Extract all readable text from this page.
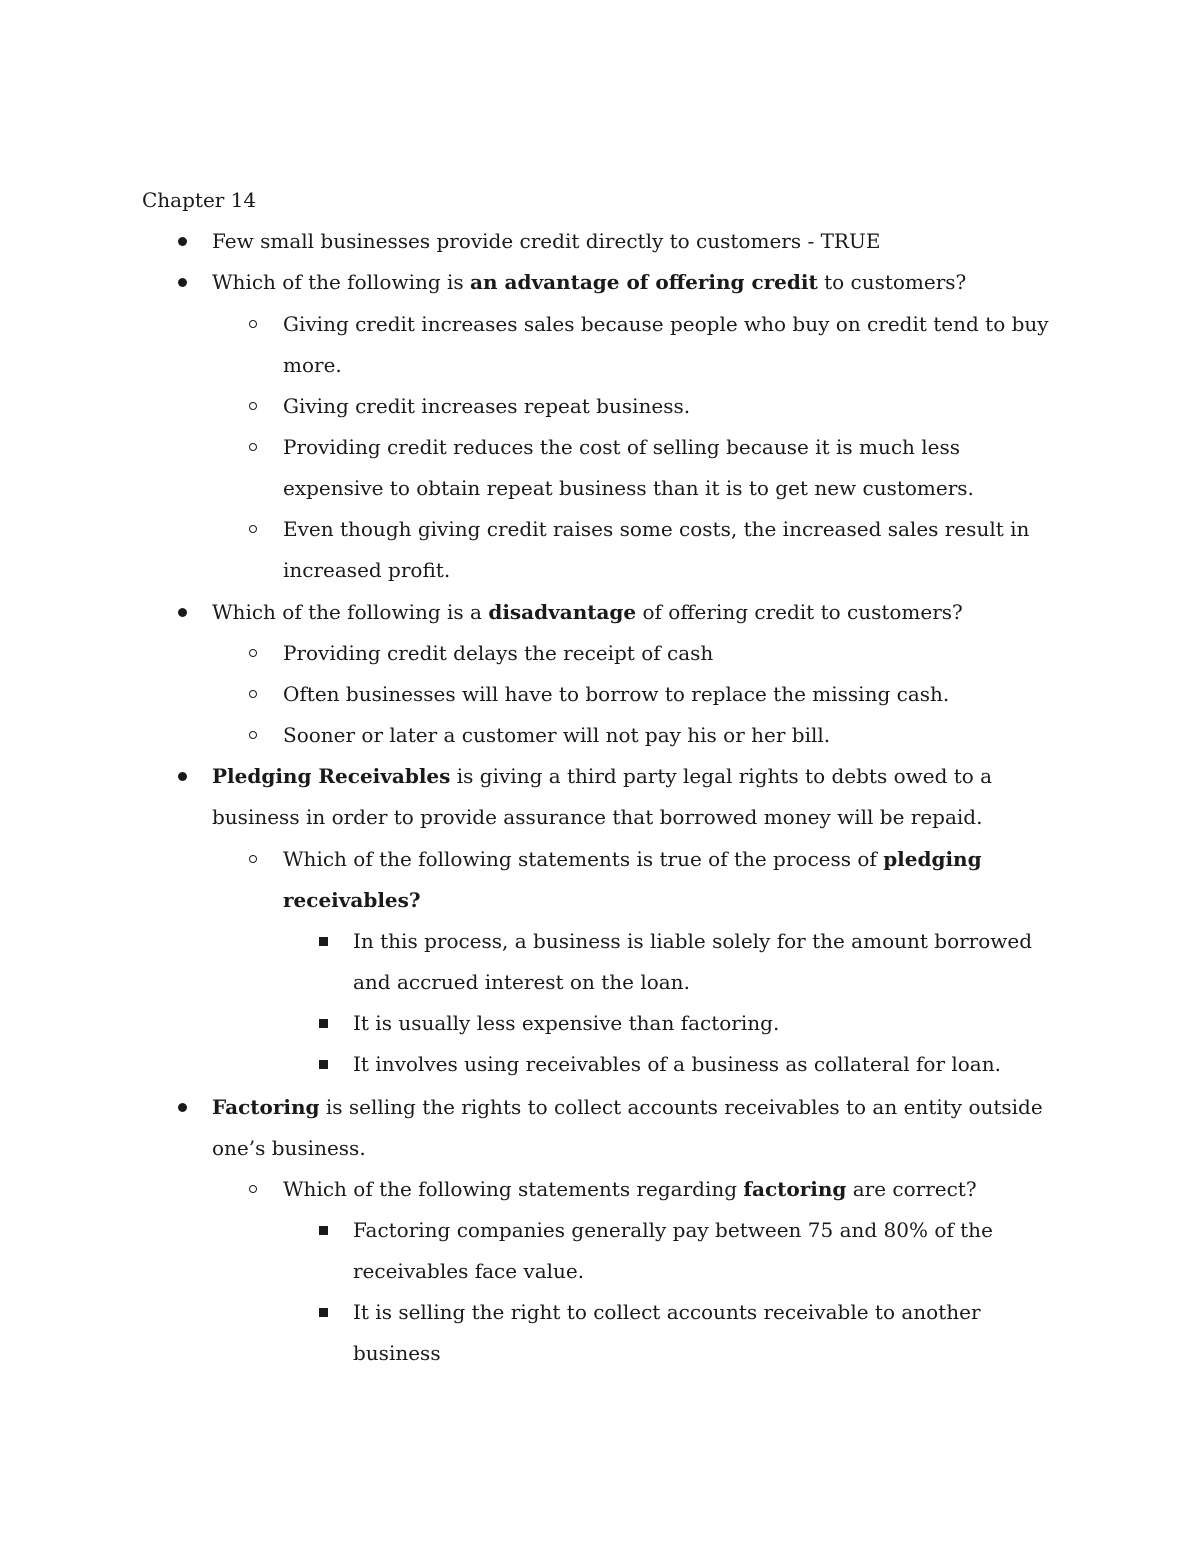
Chapter 14
Few small businesses provide credit directly to customers - TRUE
Which of the following is an advantage of offering credit to customers?
Giving credit increases sales because people who buy on credit tend to buy
more.
Giving credit increases repeat business.
Providing credit reduces the cost of selling because it is much less
expensive to obtain repeat business than it is to get new customers.
Even though giving credit raises some costs, the increased sales result in
increased profit.
Which of the following is a disadvantage of offering credit to customers?
Providing credit delays the receipt of cash
Often businesses will have to borrow to replace the missing cash.
Sooner or later a customer will not pay his or her bill.
Pledging Receivables is giving a third party legal rights to debts owed to a
business in order to provide assurance that borrowed money will be repaid.
Which of the following statements is true of the process of pledging
receivables?
In this process, a business is liable solely for the amount borrowed
and accrued interest on the loan.
It is usually less expensive than factoring.
It involves using receivables of a business as collateral for loan.
Factoring is selling the rights to collect accounts receivables to an entity outside
one’s business.
Which of the following statements regarding factoring are correct?
Factoring companies generally pay between 75 and 80% of the
receivables face value.
It is selling the right to collect accounts receivable to another
business
